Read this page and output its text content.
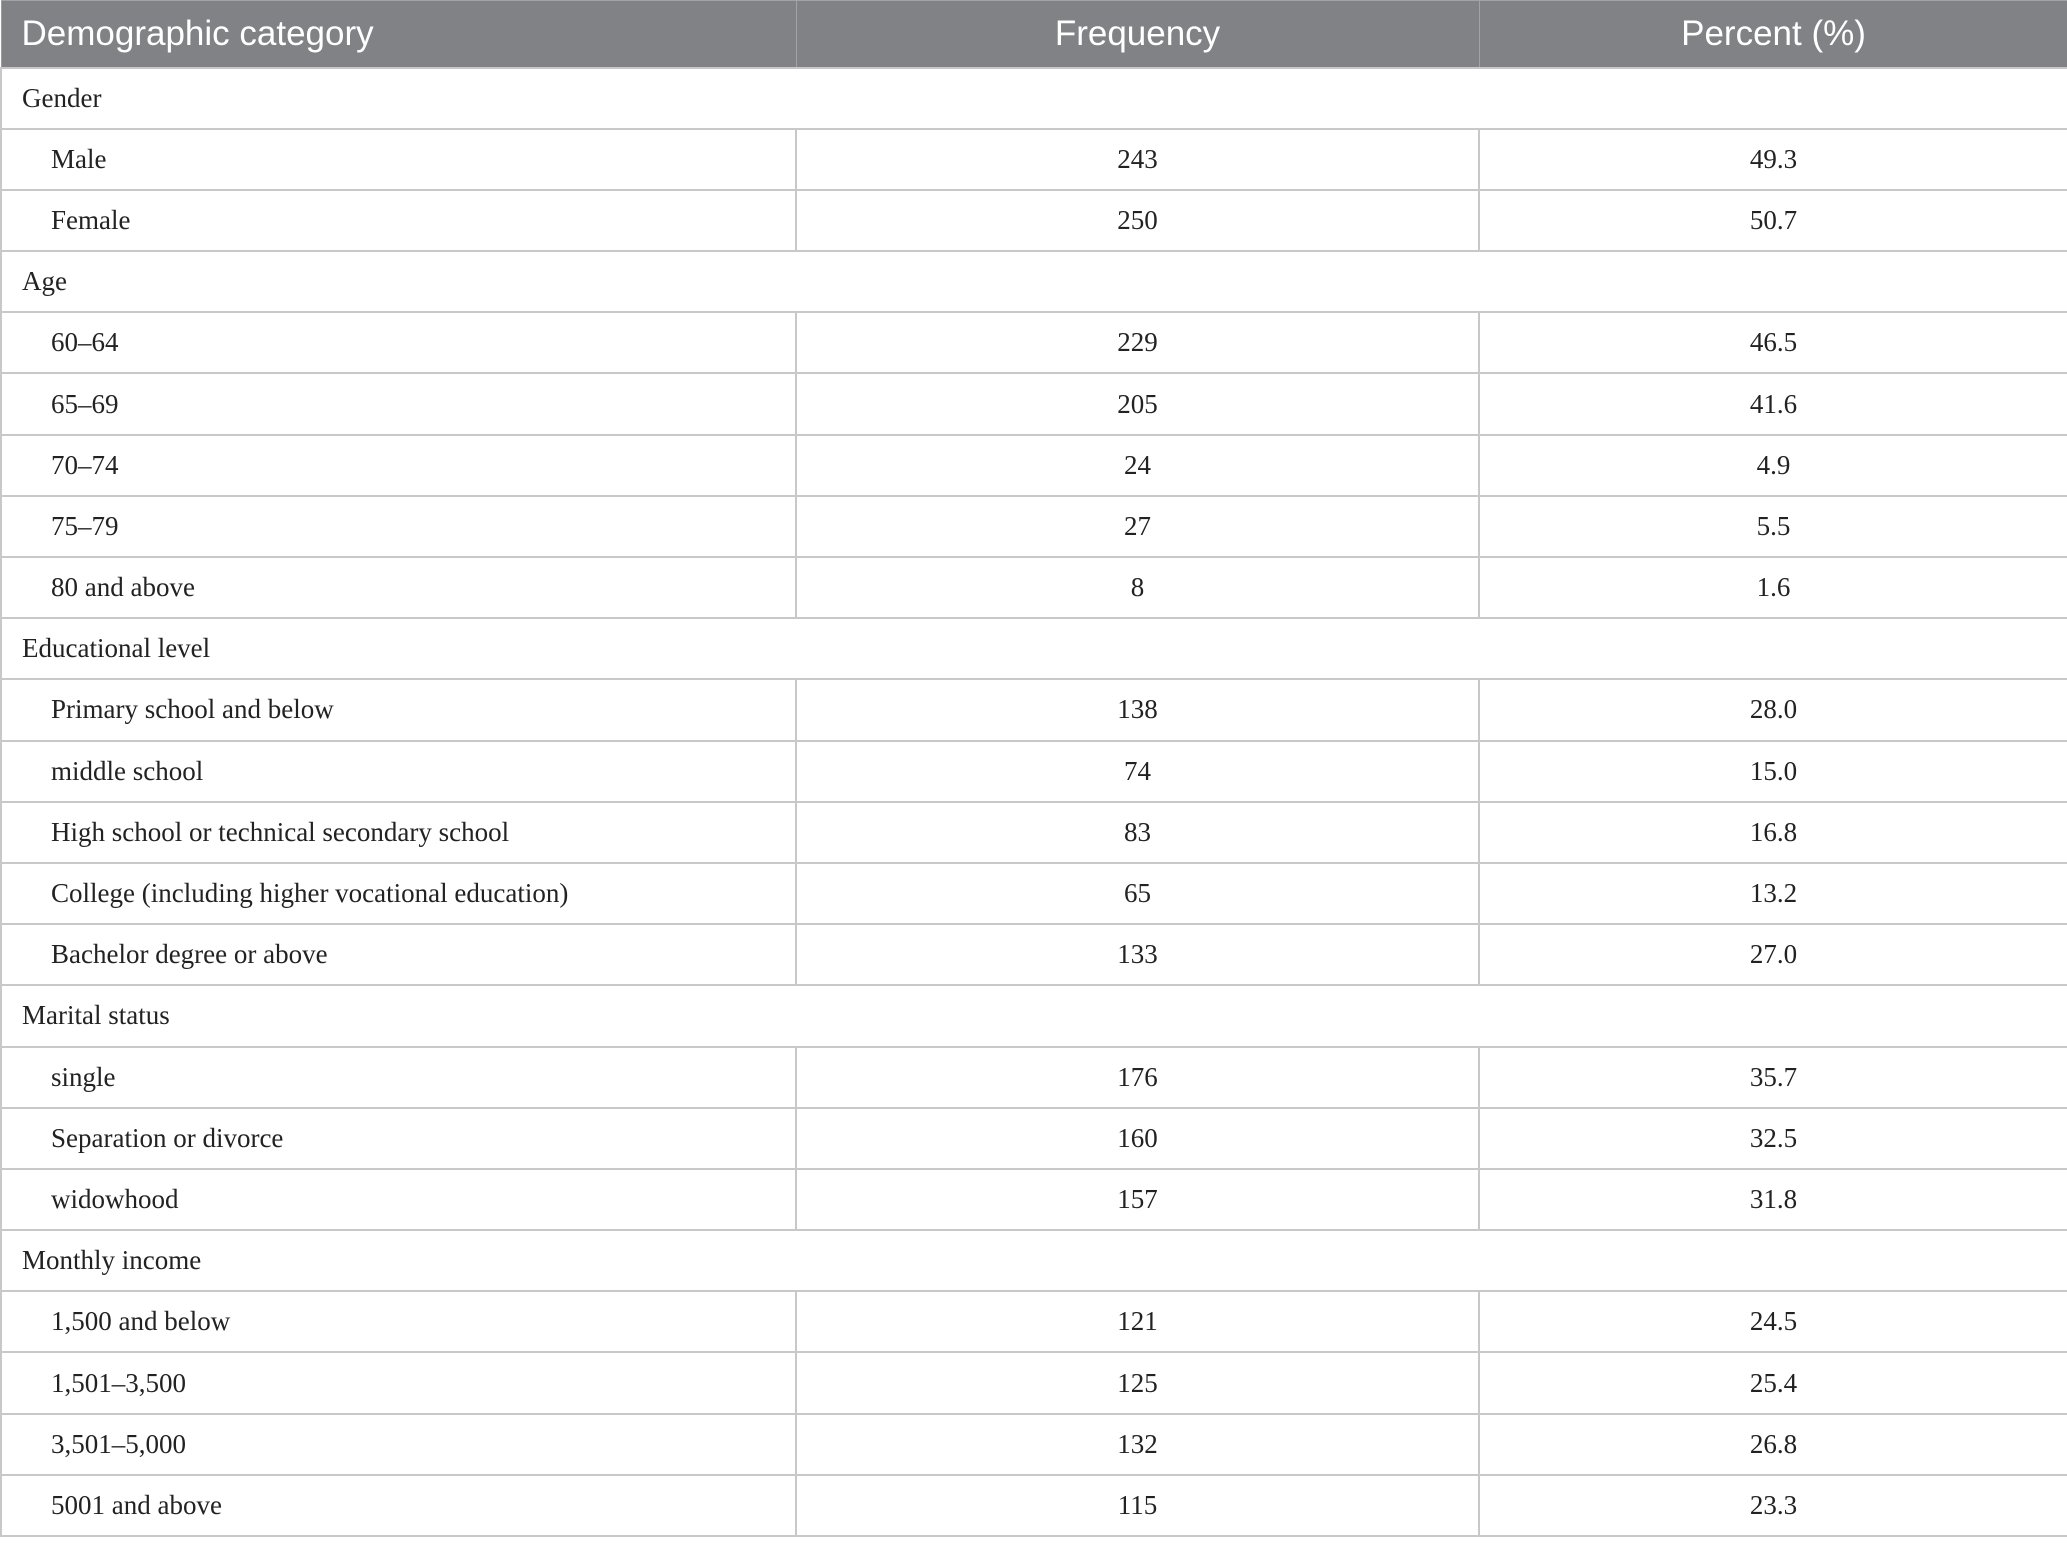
Demographic category	Frequency	Percent (%)
Gender		
Male	243	49.3
Female	250	50.7
Age		
60–64	229	46.5
65–69	205	41.6
70–74	24	4.9
75–79	27	5.5
80 and above	8	1.6
Educational level		
Primary school and below	138	28.0
middle school	74	15.0
High school or technical secondary school	83	16.8
College (including higher vocational education)	65	13.2
Bachelor degree or above	133	27.0
Marital status		
single	176	35.7
Separation or divorce	160	32.5
widowhood	157	31.8
Monthly income		
1,500 and below	121	24.5
1,501–3,500	125	25.4
3,501–5,000	132	26.8
5001 and above	115	23.3
